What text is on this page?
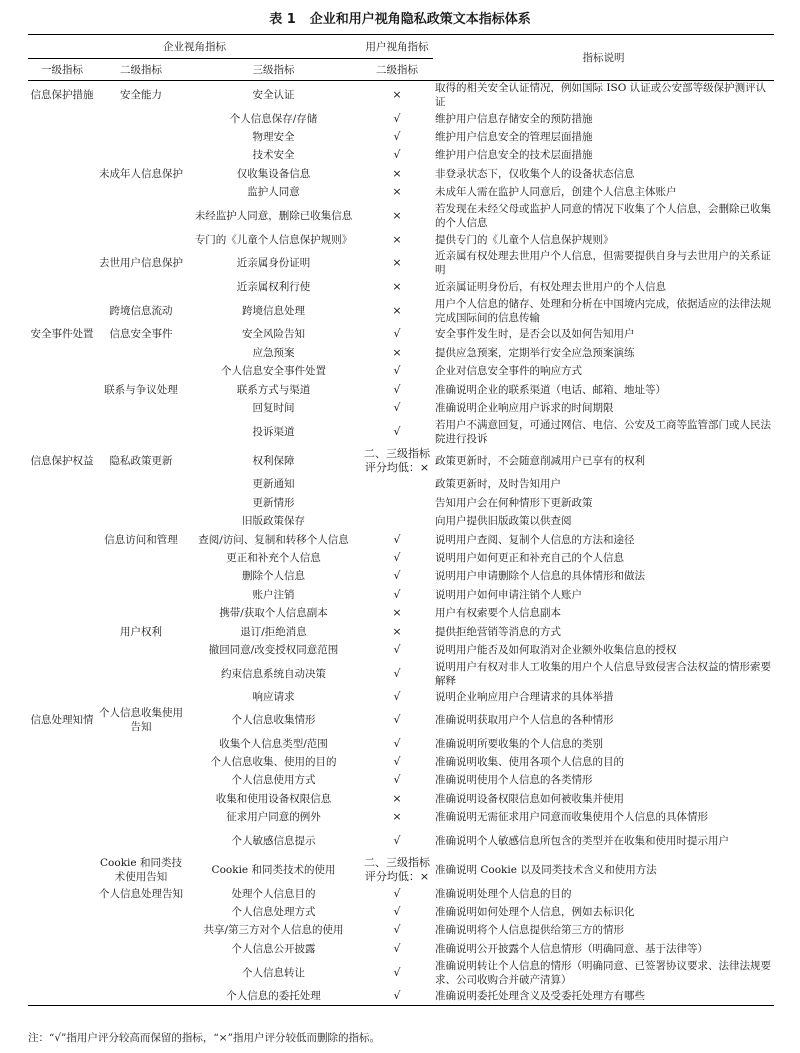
表 1 企业和用户视角隐私政策文本指标体系
企业视角指标			用户视角指标	指标说明
一级指标	二级指标	三级指标	二级指标	
信息保护措施	安全能力	安全认证	×	取得的相关安全认证情况，例如国际 ISO 认证或公安部等级保护测评认证
		个人信息保存/存储	√	维护用户信息存储安全的预防措施
		物理安全	√	维护用户信息安全的管理层面措施
		技术安全	√	维护用户信息安全的技术层面措施
	未成年人信息保护	仅收集设备信息	×	非登录状态下，仅收集个人的设备状态信息
		监护人同意	×	未成年人需在监护人同意后，创建个人信息主体账户
		未经监护人同意，删除已收集信息	×	若发现在未经父母或监护人同意的情况下收集了个人信息，会删除已收集的个人信息
		专门的《儿童个人信息保护规则》	×	提供专门的《儿童个人信息保护规则》
	去世用户信息保护	近亲属身份证明	×	近亲属有权处理去世用户个人信息，但需要提供自身与去世用户的关系证明
		近亲属权利行使	×	近亲属证明身份后，有权处理去世用户的个人信息
	跨境信息流动	跨境信息处理	×	用户个人信息的储存、处理和分析在中国境内完成，依据适应的法律法规完成国际间的信息传输
安全事件处置	信息安全事件	安全风险告知	√	安全事件发生时，是否会以及如何告知用户
		应急预案	×	提供应急预案，定期举行安全应急预案演练
		个人信息安全事件处置	√	企业对信息安全事件的响应方式
	联系与争议处理	联系方式与渠道	√	准确说明企业的联系渠道（电话、邮箱、地址等）
		回复时间	√	准确说明企业响应用户诉求的时间期限
		投诉渠道	√	若用户不满意回复，可通过网信、电信、公安及工商等监管部门或人民法院进行投诉
信息保护权益	隐私政策更新	权利保障	二、三级指标评分均低：×	政策更新时，不会随意削减用户已享有的权利
		更新通知		政策更新时，及时告知用户
		更新情形		告知用户会在何种情形下更新政策
		旧版政策保存		向用户提供旧版政策以供查阅
	信息访问和管理	查阅/访问、复制和转移个人信息	√	说明用户查阅、复制个人信息的方法和途径
		更正和补充个人信息	√	说明用户如何更正和补充自己的个人信息
		删除个人信息	√	说明用户申请删除个人信息的具体情形和做法
		账户注销	√	说明用户如何申请注销个人账户
		携带/获取个人信息副本	×	用户有权索要个人信息副本
	用户权利	退订/拒绝消息	×	提供拒绝营销等消息的方式
		撤回同意/改变授权同意范围	√	说明用户能否及如何取消对企业额外收集信息的授权
		约束信息系统自动决策	√	说明用户有权对非人工收集的用户个人信息导致侵害合法权益的情形索要解释
		响应请求	√	说明企业响应用户合理请求的具体举措
信息处理知情	个人信息收集使用告知	个人信息收集情形	√	准确说明获取用户个人信息的各种情形
		收集个人信息类型/范围	√	准确说明所要收集的个人信息的类别
		个人信息收集、使用的目的	√	准确说明收集、使用各项个人信息的目的
		个人信息使用方式	√	准确说明使用个人信息的各类情形
		收集和使用设备权限信息	×	准确说明设备权限信息如何被收集并使用
		征求用户同意的例外	×	准确说明无需征求用户同意而收集使用个人信息的具体情形
		个人敏感信息提示	√	准确说明个人敏感信息所包含的类型并在收集和使用时提示用户
	Cookie 和同类技术使用告知	Cookie 和同类技术的使用	二、三级指标评分均低：×	准确说明 Cookie 以及同类技术含义和使用方法
	个人信息处理告知	处理个人信息目的	√	准确说明处理个人信息的目的
		个人信息处理方式	√	准确说明如何处理个人信息，例如去标识化
		共享/第三方对个人信息的使用	√	准确说明将个人信息提供给第三方的情形
		个人信息公开披露	√	准确说明公开披露个人信息情形（明确同意、基于法律等）
		个人信息转让	√	准确说明转让个人信息的情形（明确同意、已签署协议要求、法律法规要求、公司收购合并破产清算）
		个人信息的委托处理	√	准确说明委托处理含义及受委托处理方有哪些
注：“√”指用户评分较高而保留的指标，“×”指用户评分较低而删除的指标。
